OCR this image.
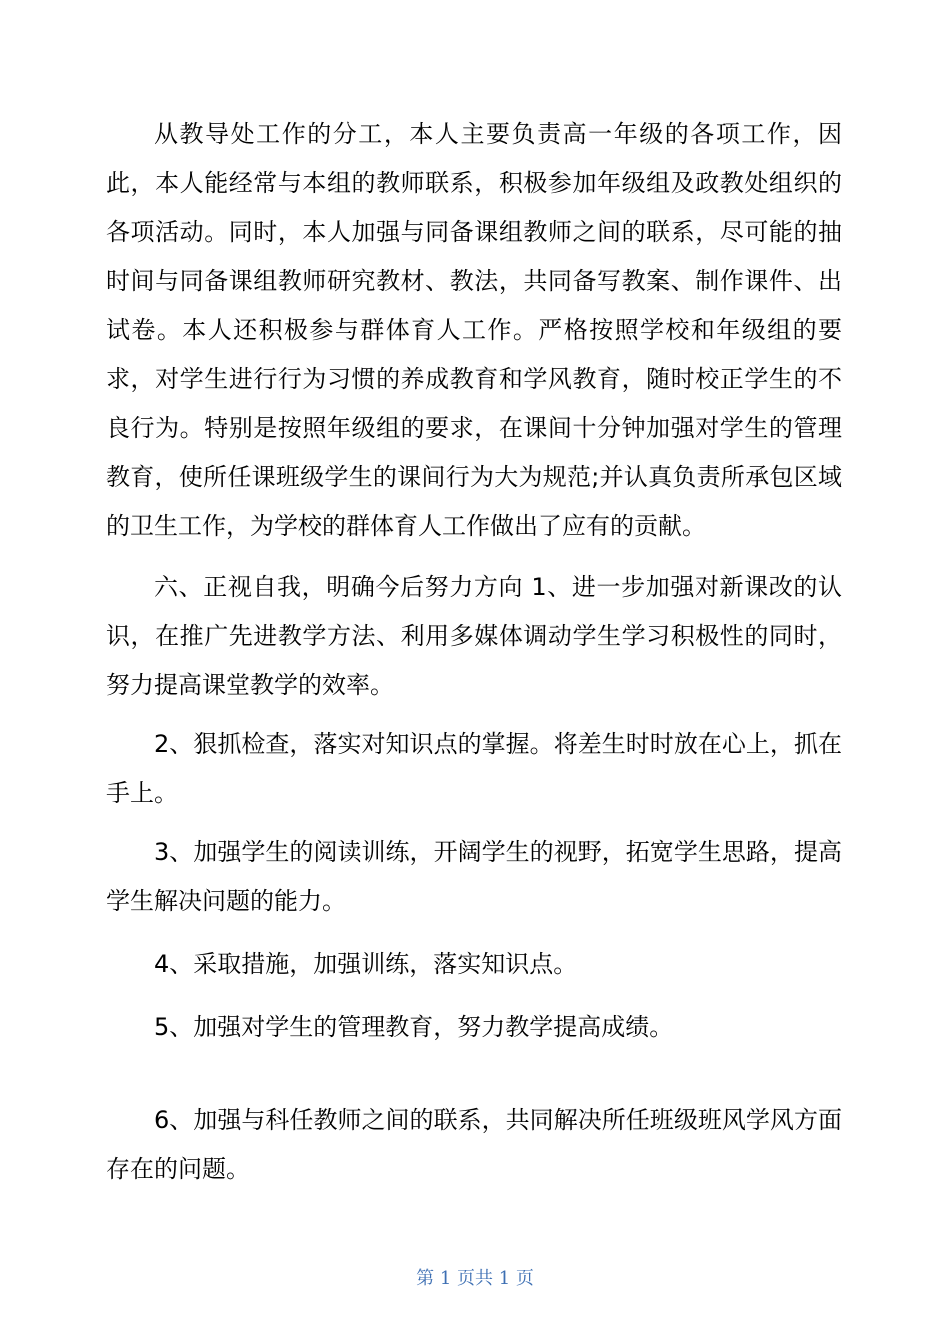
从教导处工作的分工，本人主要负责高一年级的各项工作，因此，本人能经常与本组的教师联系，积极参加年级组及政教处组织的各项活动。同时，本人加强与同备课组教师之间的联系，尽可能的抽时间与同备课组教师研究教材、教法，共同备写教案、制作课件、出试卷。本人还积极参与群体育人工作。严格按照学校和年级组的要求，对学生进行行为习惯的养成教育和学风教育，随时校正学生的不良行为。特别是按照年级组的要求，在课间十分钟加强对学生的管理教育，使所任课班级学生的课间行为大为规范;并认真负责所承包区域的卫生工作，为学校的群体育人工作做出了应有的贡献。

六、正视自我，明确今后努力方向 1、进一步加强对新课改的认识，在推广先进教学方法、利用多媒体调动学生学习积极性的同时，努力提高课堂教学的效率。

2、狠抓检查，落实对知识点的掌握。将差生时时放在心上，抓在手上。

3、加强学生的阅读训练，开阔学生的视野，拓宽学生思路，提高学生解决问题的能力。

4、采取措施，加强训练，落实知识点。

5、加强对学生的管理教育，努力教学提高成绩。

6、加强与科任教师之间的联系，共同解决所任班级班风学风方面存在的问题。

第 1 页共 1 页
